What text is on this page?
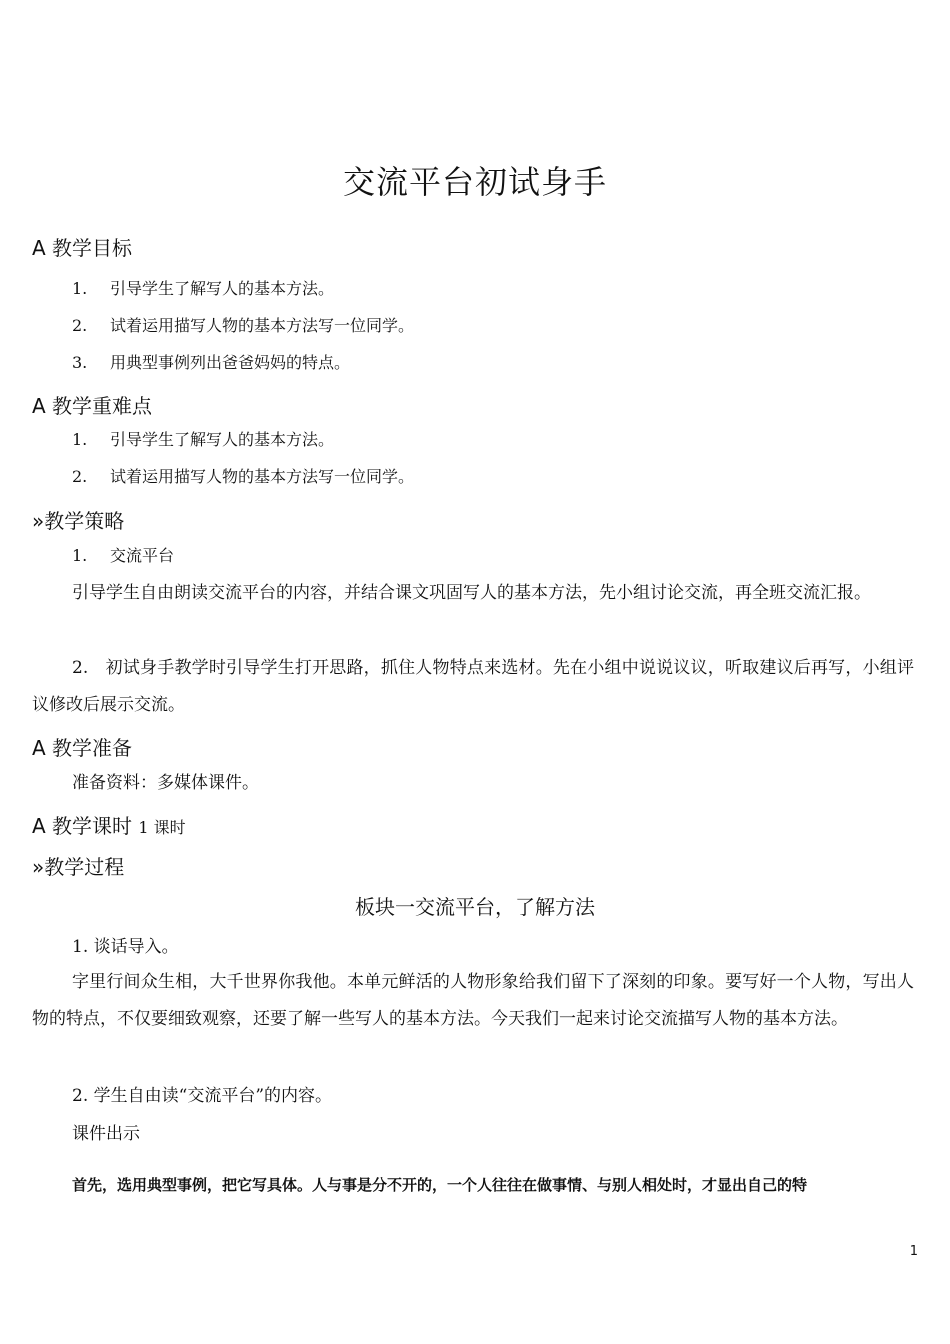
交流平台初试身手
A 教学目标
1. 引导学生了解写人的基本方法。
2. 试着运用描写人物的基本方法写一位同学。
3. 用典型事例列出爸爸妈妈的特点。
A 教学重难点
1. 引导学生了解写人的基本方法。
2. 试着运用描写人物的基本方法写一位同学。
»教学策略
1. 交流平台
引导学生自由朗读交流平台的内容，并结合课文巩固写人的基本方法，先小组讨论交流，再全班交流汇报。
2.　初试身手教学时引导学生打开思路，抓住人物特点来选材。先在小组中说说议议，听取建议后再写，小组评议修改后展示交流。
A 教学准备
准备资料：多媒体课件。
A 教学课时 1 课时
»教学过程
板块一交流平台，了解方法
1. 谈话导入。
字里行间众生相，大千世界你我他。本单元鲜活的人物形象给我们留下了深刻的印象。要写好一个人物，写出人物的特点，不仅要细致观察，还要了解一些写人的基本方法。今天我们一起来讨论交流描写人物的基本方法。
2. 学生自由读“交流平台”的内容。
课件出示
首先，选用典型事例，把它写具体。人与事是分不开的，一个人往往在做事情、与别人相处时，才显出自己的特
1
